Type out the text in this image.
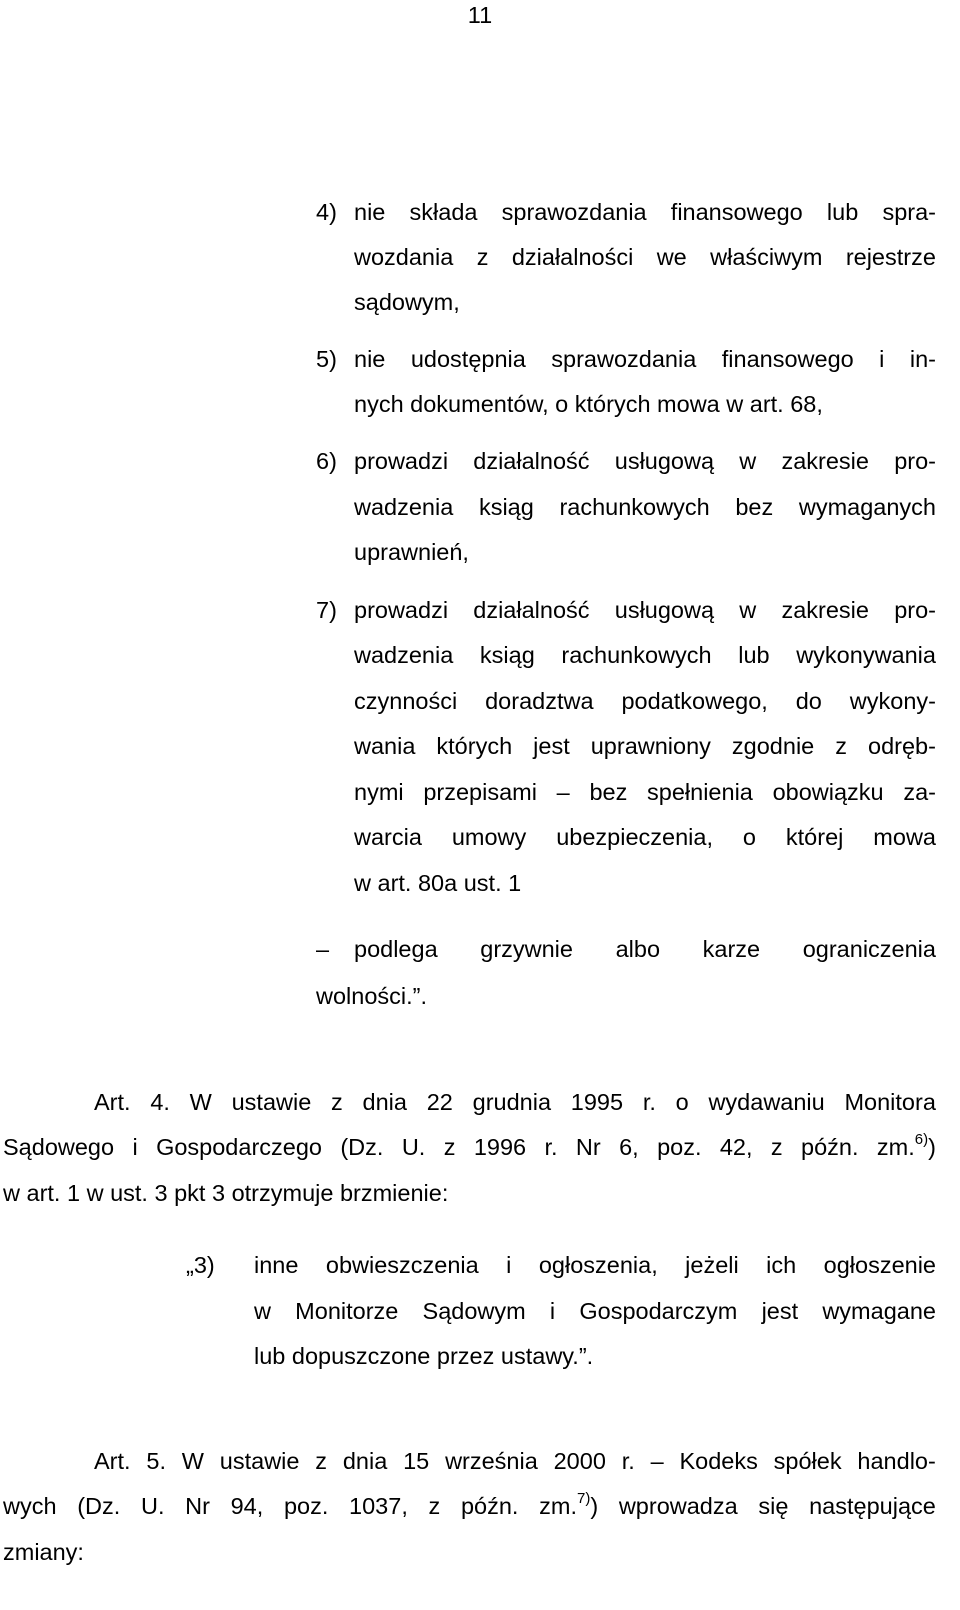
11
4) nie składa sprawozdania finansowego lub spra-
wozdania z działalności we właściwym rejestrze
sądowym,
5) nie udostępnia sprawozdania finansowego i in-
nych dokumentów, o których mowa w art. 68,
6) prowadzi działalność usługową w zakresie pro-
wadzenia ksiąg rachunkowych bez wymaganych
uprawnień,
7) prowadzi działalność usługową w zakresie pro-
wadzenia ksiąg rachunkowych lub wykonywania
czynności doradztwa podatkowego, do wykony-
wania których jest uprawniony zgodnie z odręb-
nymi przepisami – bez spełnienia obowiązku za-
warcia umowy ubezpieczenia, o której mowa
w art. 80a ust. 1
– podlega grzywnie albo karze ograniczenia
wolności.”.
Art. 4. W ustawie z dnia 22 grudnia 1995 r. o wydawaniu Monitora
Sądowego i Gospodarczego (Dz. U. z 1996 r. Nr 6, poz. 42, z późn. zm.$^{6)}$)
w art. 1 w ust. 3 pkt 3 otrzymuje brzmienie:
„3) inne obwieszczenia i ogłoszenia, jeżeli ich ogłoszenie
w Monitorze Sądowym i Gospodarczym jest wymagane
lub dopuszczone przez ustawy.”.
Art. 5. W ustawie z dnia 15 września 2000 r. – Kodeks spółek handlo-
wych (Dz. U. Nr 94, poz. 1037, z późn. zm.$^{7)}$) wprowadza się następujące
zmiany:
